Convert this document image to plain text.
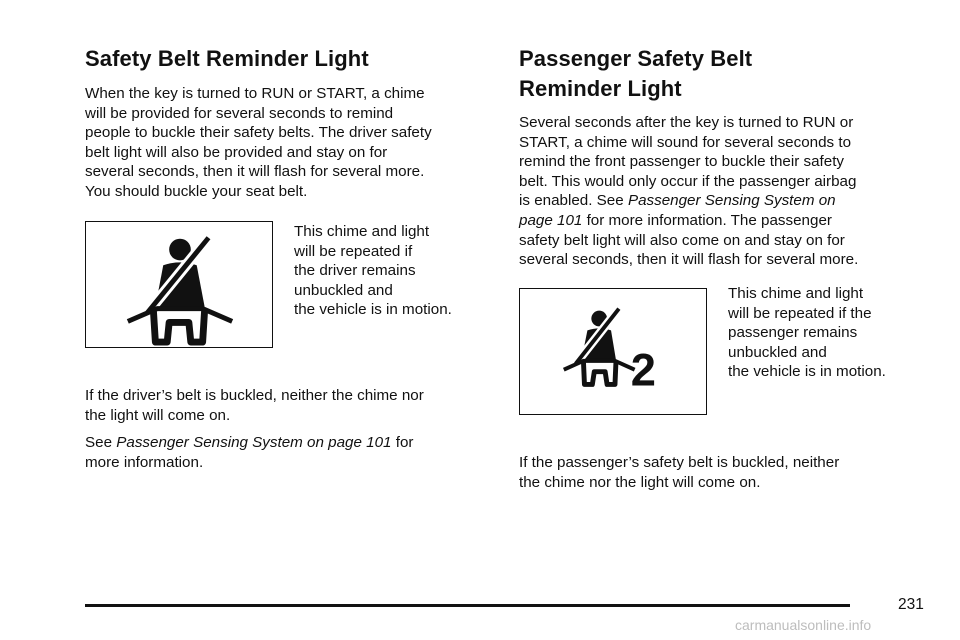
Safety Belt Reminder Light

When the key is turned to RUN or START, a chime
will be provided for several seconds to remind
people to buckle their safety belts. The driver safety
belt light will also be provided and stay on for
several seconds, then it will flash for several more.
You should buckle your seat belt.

This chime and light
will be repeated if
the driver remains
unbuckled and
the vehicle is in motion.

If the driver’s belt is buckled, neither the chime nor
the light will come on.

See Passenger Sensing System on page 101 for
more information.

Passenger Safety Belt
Reminder Light

Several seconds after the key is turned to RUN or
START, a chime will sound for several seconds to
remind the front passenger to buckle their safety
belt. This would only occur if the passenger airbag
is enabled. See Passenger Sensing System on
page 101 for more information. The passenger
safety belt light will also come on and stay on for
several seconds, then it will flash for several more.

2
This chime and light
will be repeated if the
passenger remains
unbuckled and
the vehicle is in motion.

If the passenger’s safety belt is buckled, neither
the chime nor the light will come on.

231
carmanualsonline.info
